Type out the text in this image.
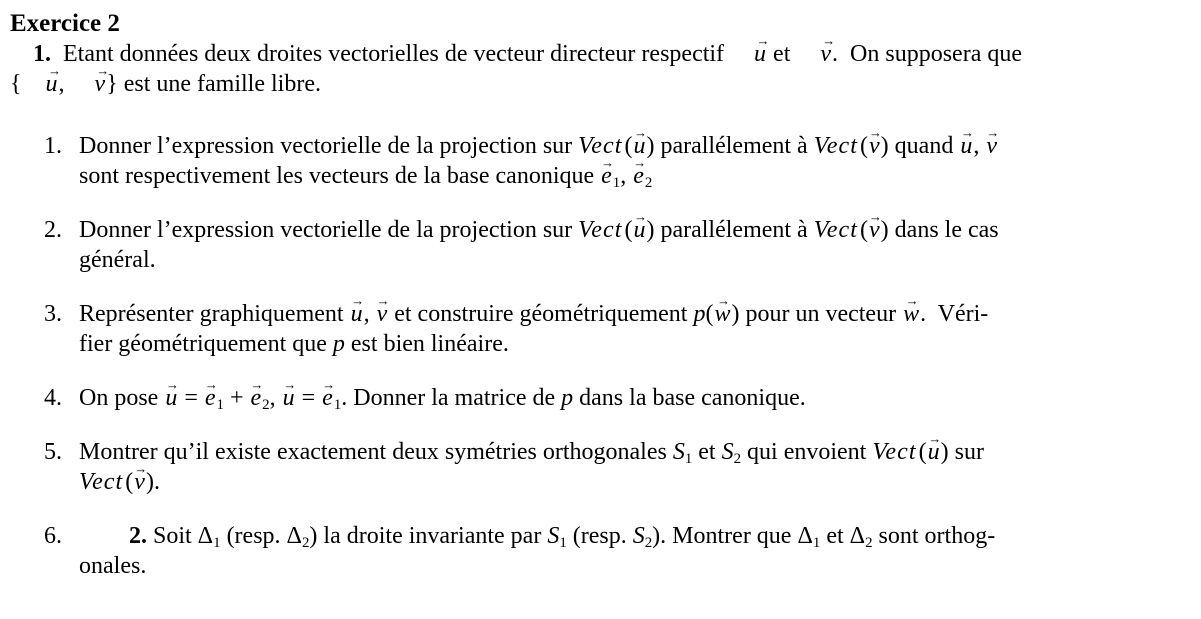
Exercice 2

1.  Etant données deux droites vectorielles de vecteur directeur respectif u → et v →.  On supposera que
{ u →, v →} est une famille libre.

1. Donner l’expression vectorielle de la projection sur Vect(u →) parallélement à Vect(v →) quand u →, v →
sont respectivement les vecteurs de la base canonique $e \to_1$, $e \to_2$
2. Donner l’expression vectorielle de la projection sur Vect(u →) parallélement à Vect(v →) dans le cas
général.
3. Représenter graphiquement u →, v → et construire géométriquement p(w →) pour un vecteur w →.  Véri-
fier géométriquement que p est bien linéaire.
4. On pose u → = $e \to_1 + e \to_2$, u → = $e \to_1$. Donner la matrice de p dans la base canonique.
5. Montrer qu’il existe exactement deux symétries orthogonales $S_1$ et $S_2$ qui envoient Vect(u →) sur
Vect(v →).
6.	2. Soit $\Delta_1$ (resp. $\Delta_2$) la droite invariante par $S_1$ (resp. $S_2$). Montrer que $\Delta_1$ et $\Delta_2$ sont orthog-
onales.
